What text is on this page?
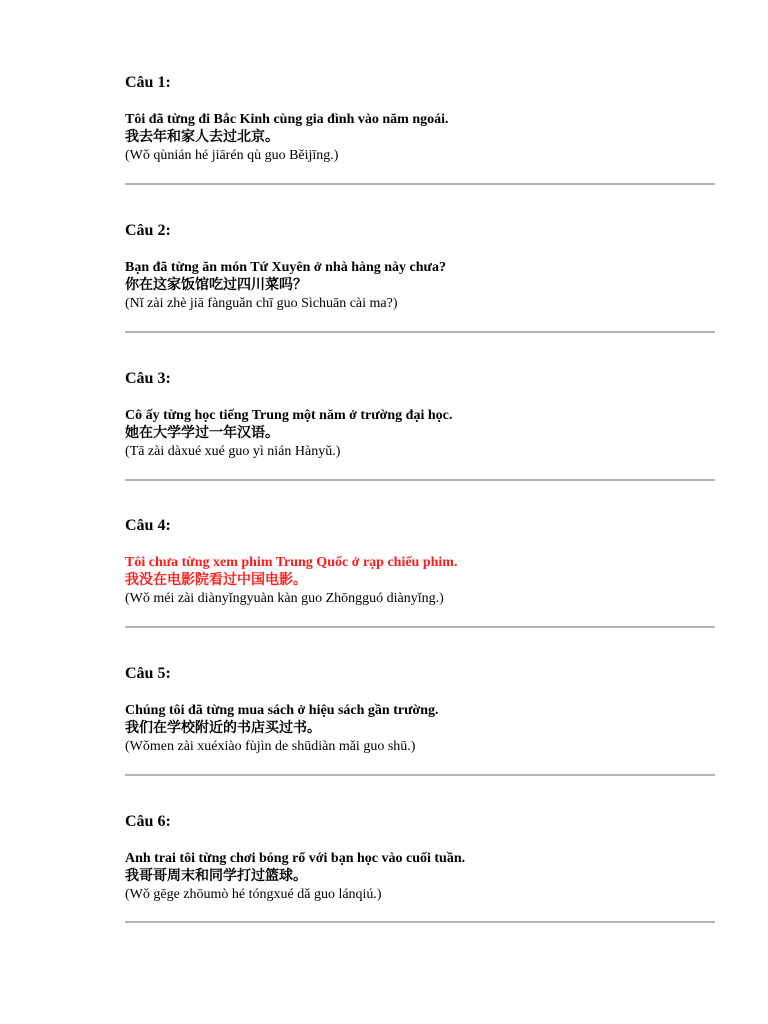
Câu 1:
Tôi đã từng đi Bắc Kinh cùng gia đình vào năm ngoái.
我去年和家人去过北京。
(Wǒ qùnián hé jiārén qù guo Běijīng.)
Câu 2:
Bạn đã từng ăn món Tứ Xuyên ở nhà hàng này chưa?
你在这家饭馆吃过四川菜吗？
(Nǐ zài zhè jiā fànguǎn chī guo Sìchuān cài ma?)
Câu 3:
Cô ấy từng học tiếng Trung một năm ở trường đại học.
她在大学学过一年汉语。
(Tā zài dàxué xué guo yì nián Hànyǔ.)
Câu 4:
Tôi chưa từng xem phim Trung Quốc ở rạp chiếu phim.
我没在电影院看过中国电影。
(Wǒ méi zài diànyǐngyuàn kàn guo Zhōngguó diànyǐng.)
Câu 5:
Chúng tôi đã từng mua sách ở hiệu sách gần trường.
我们在学校附近的书店买过书。
(Wǒmen zài xuéxiào fùjìn de shūdiàn mǎi guo shū.)
Câu 6:
Anh trai tôi từng chơi bóng rổ với bạn học vào cuối tuần.
我哥哥周末和同学打过篮球。
(Wǒ gēge zhōumò hé tóngxué dǎ guo lánqiú.)
